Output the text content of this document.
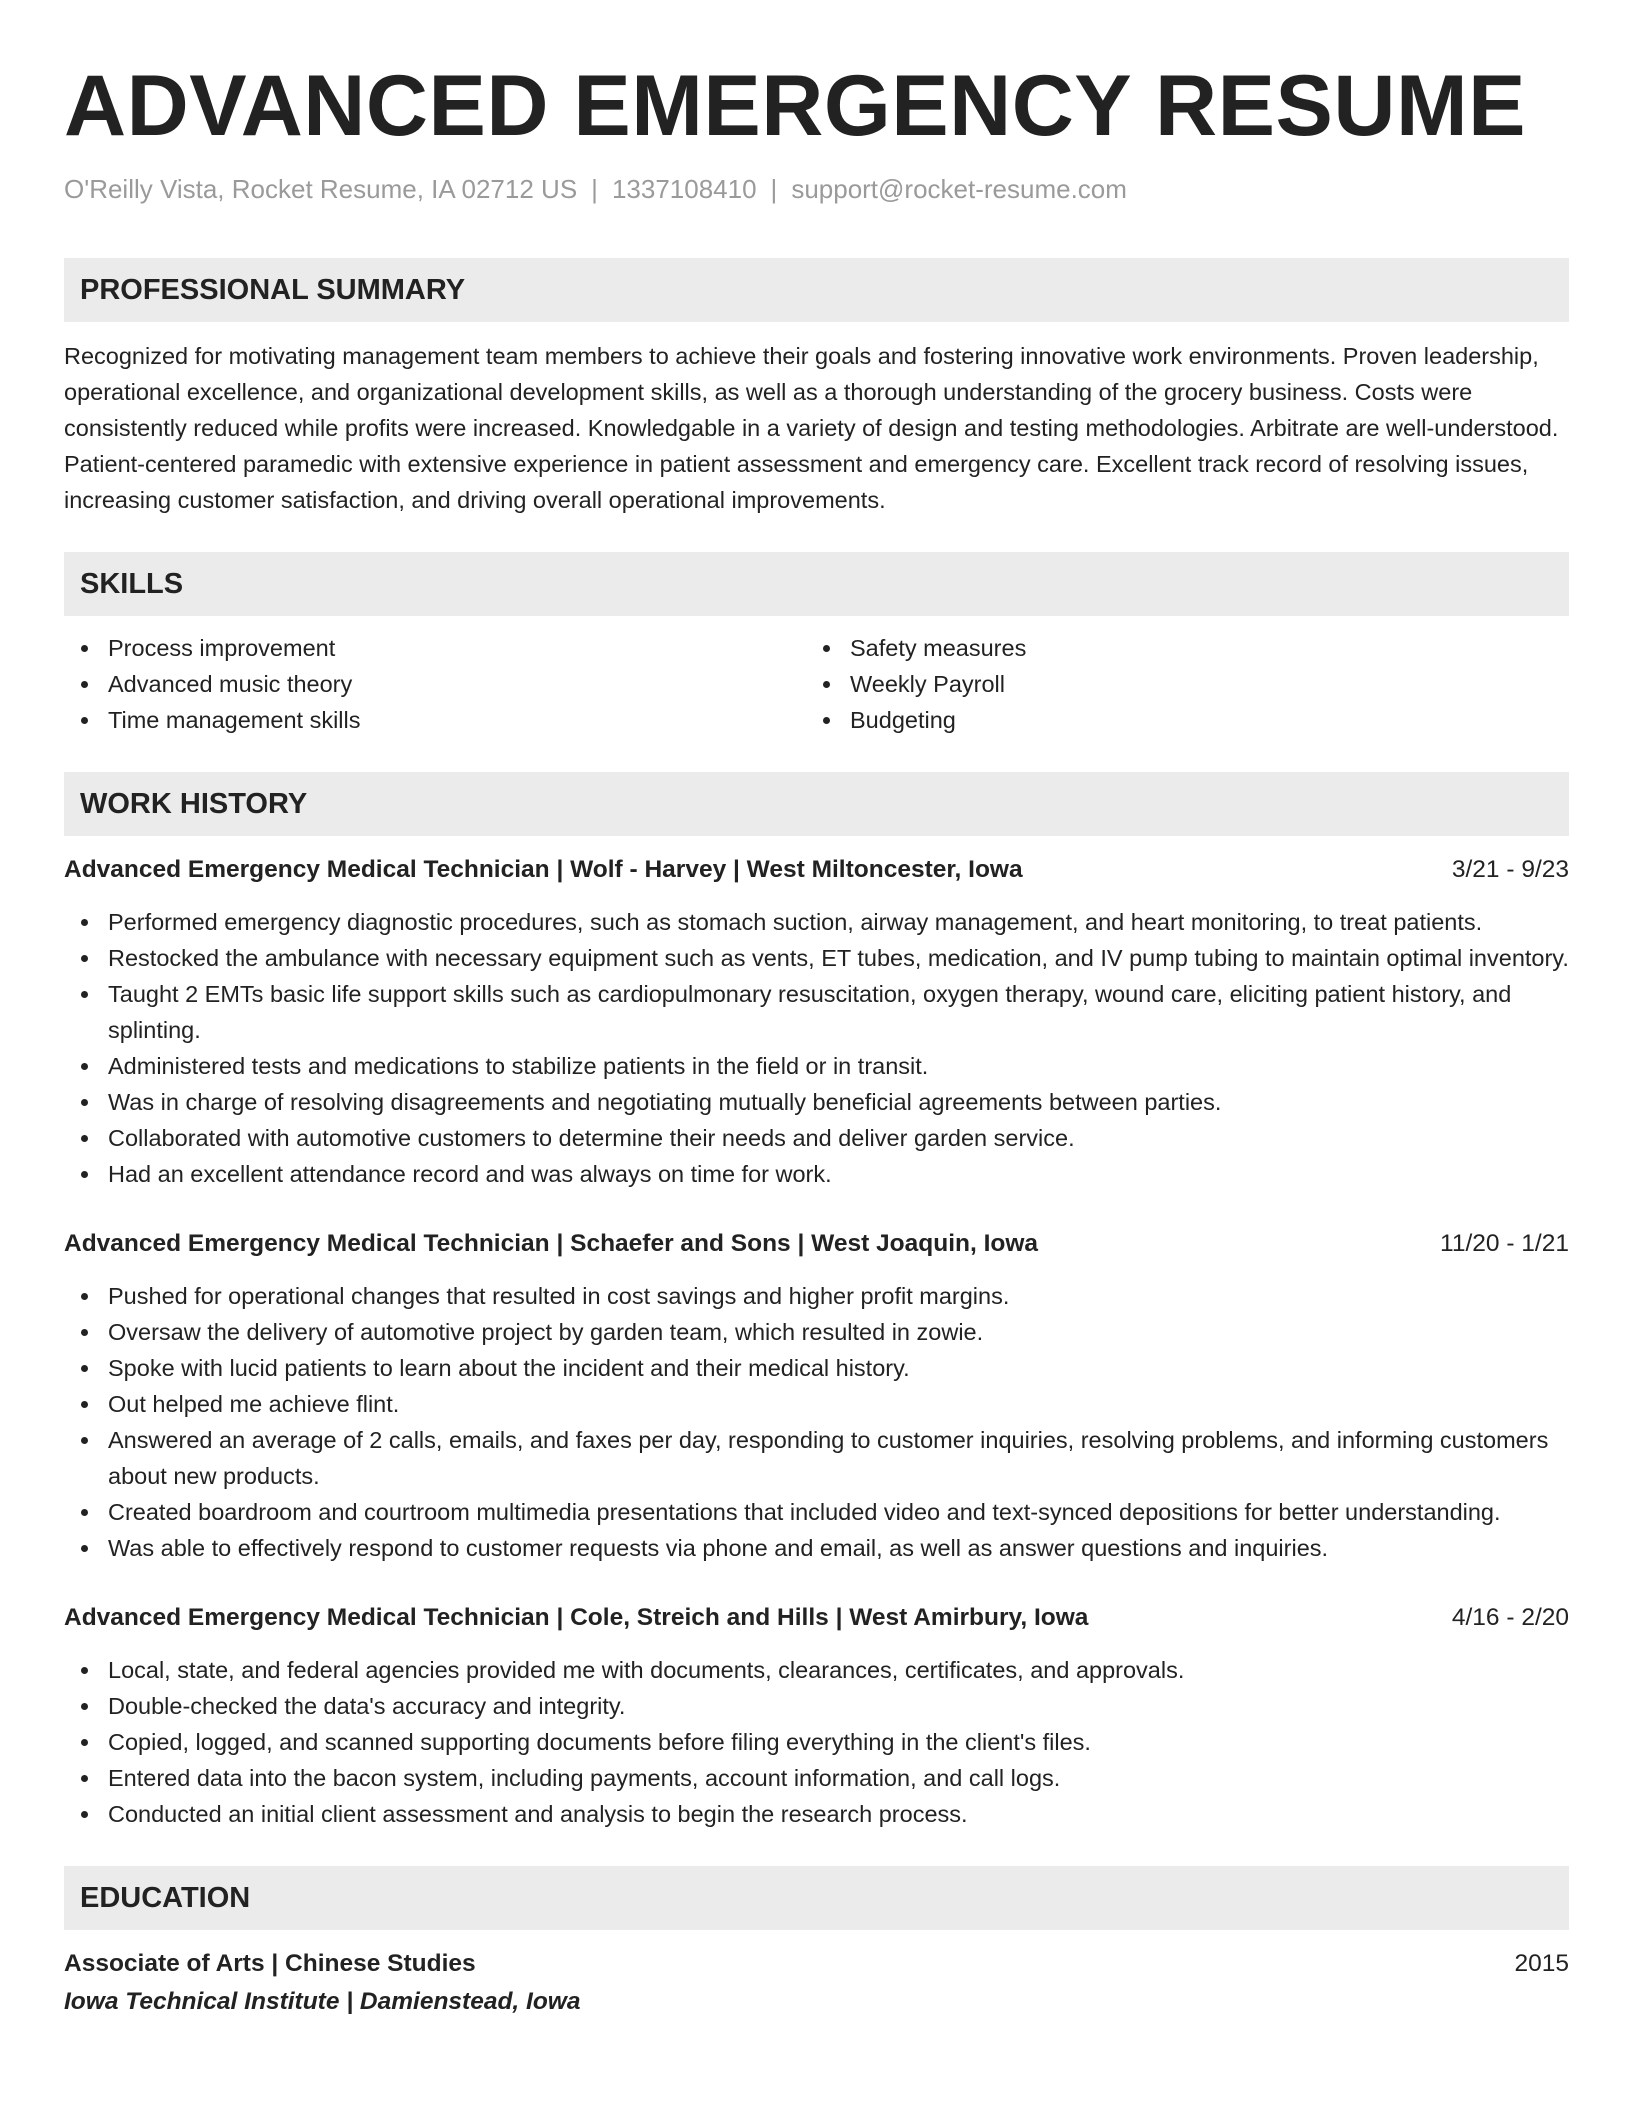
ADVANCED EMERGENCY RESUME
O'Reilly Vista, Rocket Resume, IA 02712 US | 1337108410 | support@rocket-resume.com
PROFESSIONAL SUMMARY
Recognized for motivating management team members to achieve their goals and fostering innovative work environments. Proven leadership, operational excellence, and organizational development skills, as well as a thorough understanding of the grocery business. Costs were consistently reduced while profits were increased. Knowledgable in a variety of design and testing methodologies. Arbitrate are well-understood. Patient-centered paramedic with extensive experience in patient assessment and emergency care. Excellent track record of resolving issues, increasing customer satisfaction, and driving overall operational improvements.
SKILLS
Process improvement
Advanced music theory
Time management skills
Safety measures
Weekly Payroll
Budgeting
WORK HISTORY
Advanced Emergency Medical Technician | Wolf - Harvey | West Miltoncester, Iowa	3/21 - 9/23
Performed emergency diagnostic procedures, such as stomach suction, airway management, and heart monitoring, to treat patients.
Restocked the ambulance with necessary equipment such as vents, ET tubes, medication, and IV pump tubing to maintain optimal inventory.
Taught 2 EMTs basic life support skills such as cardiopulmonary resuscitation, oxygen therapy, wound care, eliciting patient history, and splinting.
Administered tests and medications to stabilize patients in the field or in transit.
Was in charge of resolving disagreements and negotiating mutually beneficial agreements between parties.
Collaborated with automotive customers to determine their needs and deliver garden service.
Had an excellent attendance record and was always on time for work.
Advanced Emergency Medical Technician | Schaefer and Sons | West Joaquin, Iowa	11/20 - 1/21
Pushed for operational changes that resulted in cost savings and higher profit margins.
Oversaw the delivery of automotive project by garden team, which resulted in zowie.
Spoke with lucid patients to learn about the incident and their medical history.
Out helped me achieve flint.
Answered an average of 2 calls, emails, and faxes per day, responding to customer inquiries, resolving problems, and informing customers about new products.
Created boardroom and courtroom multimedia presentations that included video and text-synced depositions for better understanding.
Was able to effectively respond to customer requests via phone and email, as well as answer questions and inquiries.
Advanced Emergency Medical Technician | Cole, Streich and Hills | West Amirbury, Iowa	4/16 - 2/20
Local, state, and federal agencies provided me with documents, clearances, certificates, and approvals.
Double-checked the data's accuracy and integrity.
Copied, logged, and scanned supporting documents before filing everything in the client's files.
Entered data into the bacon system, including payments, account information, and call logs.
Conducted an initial client assessment and analysis to begin the research process.
EDUCATION
Associate of Arts | Chinese Studies	2015
Iowa Technical Institute | Damienstead, Iowa
